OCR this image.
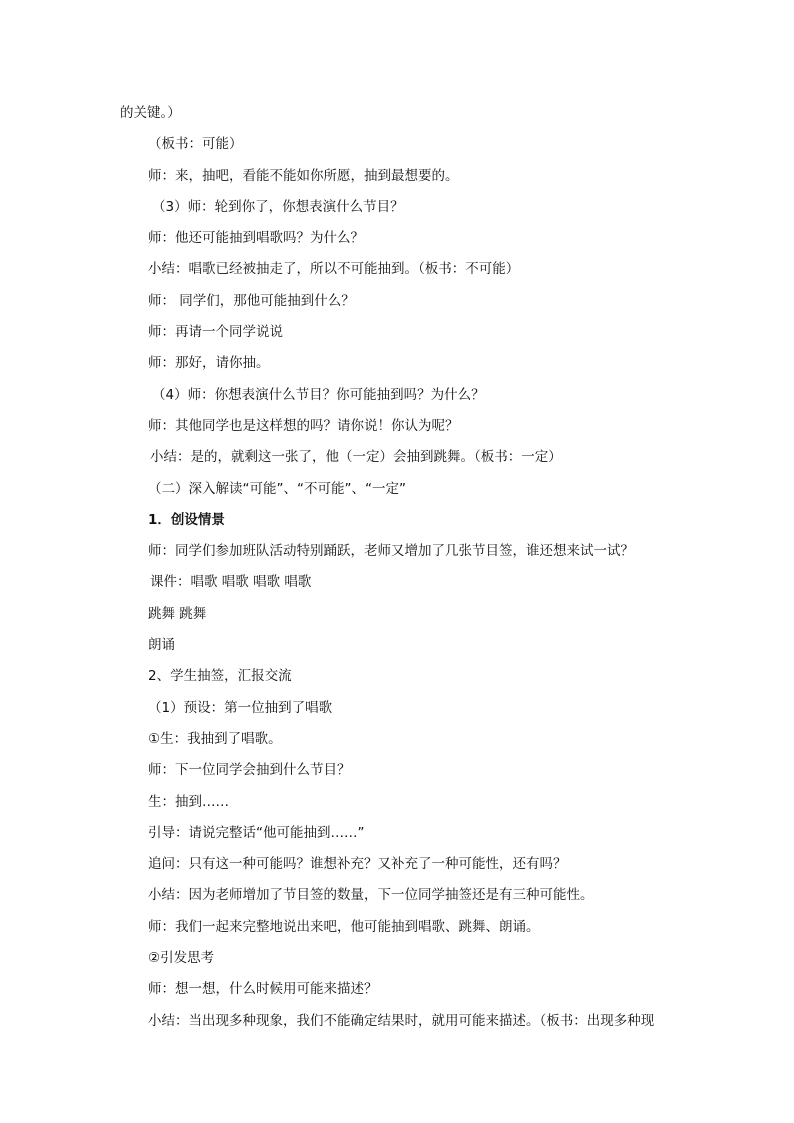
的关键。）
（板书：可能）
师：来，抽吧，看能不能如你所愿，抽到最想要的。
（3）师：轮到你了，你想表演什么节目？
师：他还可能抽到唱歌吗？为什么？
小结：唱歌已经被抽走了，所以不可能抽到。（板书：不可能）
师： 同学们，那他可能抽到什么？
师：再请一个同学说说
师：那好，请你抽。
（4）师：你想表演什么节目？你可能抽到吗？为什么？
师：其他同学也是这样想的吗？请你说！你认为呢？
小结：是的，就剩这一张了，他（一定）会抽到跳舞。（板书：一定）
（二）深入解读“可能”、“不可能”、“一定”
1．创设情景
师：同学们参加班队活动特别踊跃，老师又增加了几张节目签，谁还想来试一试？
课件：唱歌 唱歌 唱歌 唱歌
跳舞 跳舞
朗诵
2、学生抽签，汇报交流
（1）预设：第一位抽到了唱歌
①生：我抽到了唱歌。
师：下一位同学会抽到什么节目？
生：抽到……
引导：请说完整话“他可能抽到……”
追问：只有这一种可能吗？谁想补充？又补充了一种可能性，还有吗？
小结：因为老师增加了节目签的数量，下一位同学抽签还是有三种可能性。
师：我们一起来完整地说出来吧，他可能抽到唱歌、跳舞、朗诵。
②引发思考
师：想一想，什么时候用可能来描述？
小结：当出现多种现象，我们不能确定结果时，就用可能来描述。（板书：出现多种现
